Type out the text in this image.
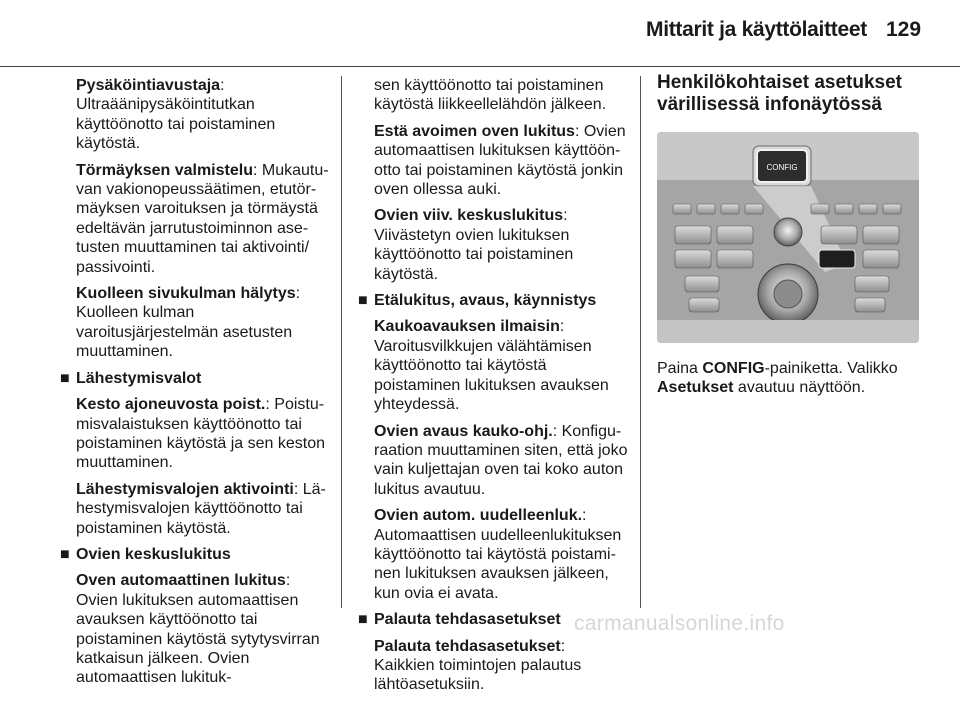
Mittarit ja käyttölaitteet 129

Pysäköintiavustaja: Ultraäänipysäköintitutkan käyttöönotto tai poistaminen käytöstä.

Törmäyksen valmistelu: Mukautuvan vakionopeussäätimen, etutörmäyksen varoituksen ja törmäystä edeltävän jarrutustoiminnon asetusten muuttaminen tai aktivointi/ passivointi.

Kuolleen sivukulman hälytys: Kuolleen kulman varoitusjärjestelmän asetusten muuttaminen.

■ Lähestymisvalot

Kesto ajoneuvosta poist.: Poistumisvalaistuksen käyttöönotto tai poistaminen käytöstä ja sen keston muuttaminen.

Lähestymisvalojen aktivointi: Lähestymisvalojen käyttöönotto tai poistaminen käytöstä.

■ Ovien keskuslukitus

Oven automaattinen lukitus: Ovien lukituksen automaattisen avauksen käyttöönotto tai poistaminen käytöstä sytytysvirran katkaisun jälkeen. Ovien automaattisen lukituk-

sen käyttöönotto tai poistaminen käytöstä liikkeellelähdön jälkeen.

Estä avoimen oven lukitus: Ovien automaattisen lukituksen käyttöönotto tai poistaminen käytöstä jonkin oven ollessa auki.

Ovien viiv. keskuslukitus: Viivästetyn ovien lukituksen käyttöönotto tai poistaminen käytöstä.

■ Etälukitus, avaus, käynnistys

Kaukoavauksen ilmaisin: Varoitusvilkkujen välähtämisen käyttöönotto tai käytöstä poistaminen lukituksen avauksen yhteydessä.

Ovien avaus kauko-ohj.: Konfiguraation muuttaminen siten, että joko vain kuljettajan oven tai koko auton lukitus avautuu.

Ovien autom. uudelleenluk.: Automaattisen uudelleenlukituksen käyttöönotto tai käytöstä poistaminen lukituksen avauksen jälkeen, kun ovia ei avata.

■ Palauta tehdasasetukset

Palauta tehdasasetukset: Kaikkien toimintojen palautus lähtöasetuksiin.

Henkilökohtaiset asetukset värillisessä infonäytössä
CONFIG

Paina CONFIG-painiketta. Valikko Asetukset avautuu näyttöön.

carmanualsonline.info
